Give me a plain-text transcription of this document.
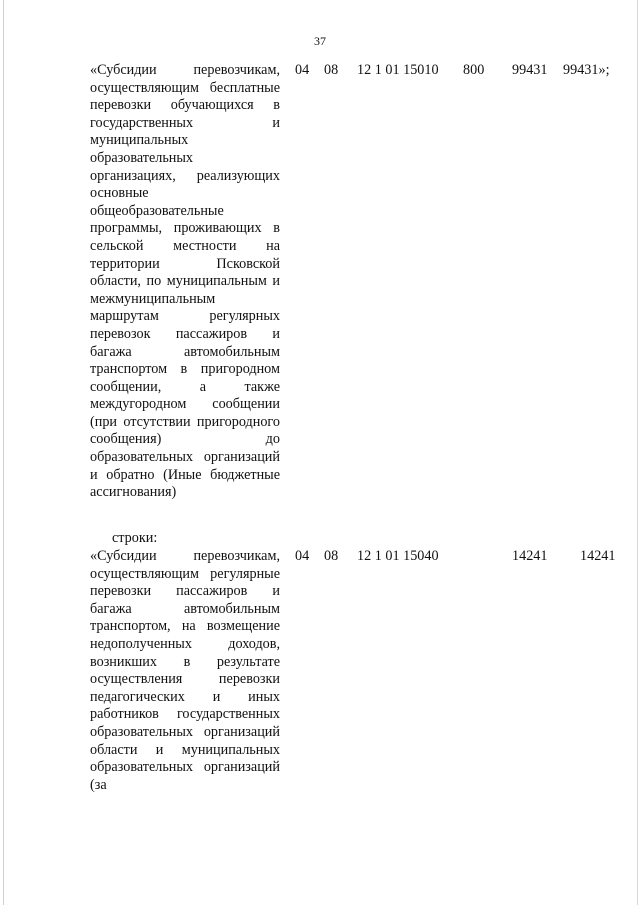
37
«Субсидии перевозчикам, осуществляющим бесплатные перевозки обучающихся в государственных и муниципальных образовательных организациях, реализующих основные общеобразовательные программы, проживающих в сельской местности на территории Псковской области, по муниципальным и межмуниципальным маршрутам регулярных перевозок пассажиров и багажа автомобильным транспортом в пригородном сообщении, а также междугородном сообщении (при отсутствии пригородного сообщения) до образовательных организаций и обратно (Иные бюджетные ассигнования)
04 08 12 1 01 15010 800 99431 99431»;
строки:
«Субсидии перевозчикам, осуществляющим регулярные перевозки пассажиров и багажа автомобильным транспортом, на возмещение недополученных доходов, возникших в результате осуществления перевозки педагогических и иных работников государственных образовательных организаций области и муниципальных образовательных организаций (за
04 08 12 1 01 15040	14241 14241
